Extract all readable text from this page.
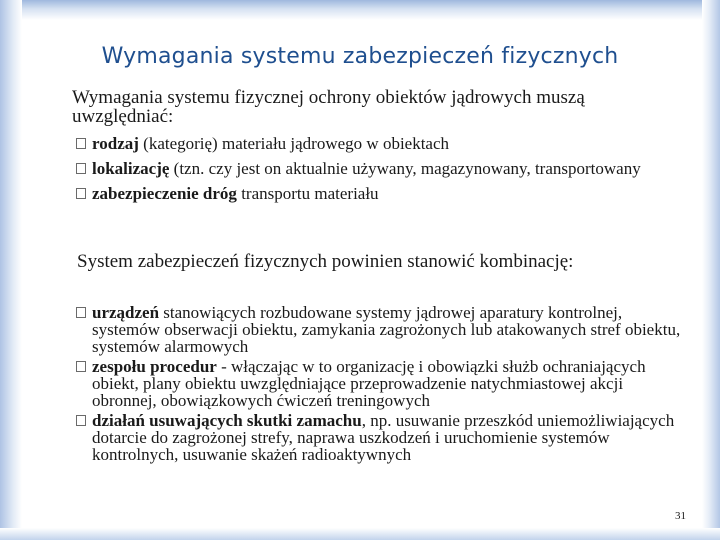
Wymagania systemu zabezpieczeń fizycznych
Wymagania systemu fizycznej ochrony obiektów jądrowych muszą uwzględniać:
rodzaj (kategorię) materiału jądrowego w obiektach
lokalizację (tzn. czy jest on aktualnie używany, magazynowany, transportowany
zabezpieczenie dróg transportu materiału
System zabezpieczeń fizycznych powinien stanowić kombinację:
urządzeń stanowiących rozbudowane systemy jądrowej aparatury kontrolnej, systemów obserwacji obiektu, zamykania zagrożonych lub atakowanych stref obiektu, systemów alarmowych
zespołu procedur - włączając w to organizację i obowiązki służb ochraniających obiekt, plany obiektu uwzględniające przeprowadzenie natychmiastowej akcji obronnej, obowiązkowych ćwiczeń treningowych
działań usuwających skutki zamachu, np. usuwanie przeszkód uniemożliwiających dotarcie do zagrożonej strefy, naprawa uszkodzeń i uruchomienie systemów kontrolnych, usuwanie skażeń radioaktywnych
31
